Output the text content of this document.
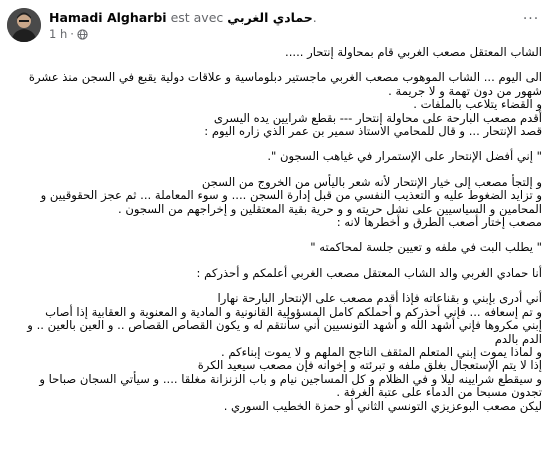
Hamadi Algharbi est avec حمادي الغربي.
1 h ·
···

الشاب المعتقل مصعب الغربي قام بمحاولة إنتحار .....

الى اليوم ... الشاب الموهوب مصعب الغربي ماجستير دبلوماسية و علاقات دولية يقبع في السجن منذ عشرة

شهور من دون تهمة و لا جريمة .

و القضاء يتلاعب بالملفات .

أقدم مصعب البارحة على محاولة إنتحار --- بقطع شرايين يده اليسرى

قصد الإنتحار ... و قال للمحامي الاستاذ سمير بن عمر الذي زاره اليوم :

" إني أفضل الإنتحار على الإستمرار في غياهب السجون ".

و إلتجأ مصعب إلى خيار الإنتحار لأنه شعر باليأس من الخروج من السجن

و تزايد الضغوط عليه و التعذيب النفسي من قبل إدارة السجن .... و سوء المعاملة ... ثم عجز الحقوقيين و

المحامين و السياسيين على نشل حريته و و حرية بقية المعتقلين و إخراجهم من السجون .

مصعب إختار أصعب الطرق و أخطرها لانه :

" يطلب البت في ملفه و تعيين جلسة لمحاكمته "

أنا حمادي الغربي والد الشاب المعتقل مصعب الغربي أعلمكم و أحذركم :

أني أدرى بإبني و بقناعاته فإذا أقدم مصعب على الإنتحار البارحة نهارا

و تم إسعافه ... فإني أحذركم و أحملكم كامل المسؤولية القانونية و المادية و المعنوية و العقابية إذا أصاب

إبني مكروها فإني أشهد الله و أشهد التونسيين أني سأنتقم له و يكون القصاص القصاص .. و العين بالعين .. و

الدم بالدم

و لماذا يموت إبني المتعلم المثقف الناجح الملهم و لا يموت إبناءكم .

إذا لا يتم الإستعجال بغلق ملفه و تبرئته و إخوانه فإن مصعب سيعيد الكرة

و سيقطع شرايينه ليلا و في الظلام و كل المساجين نيام و باب الزنزانة مغلقا .... و سيأتي السجان صباحا و

تجدون مسبحا من الدماء على عتبة الغرفة .

ليكن مصعب البوعزيزي التونسي الثاني أو حمزة الخطيب السوري .
